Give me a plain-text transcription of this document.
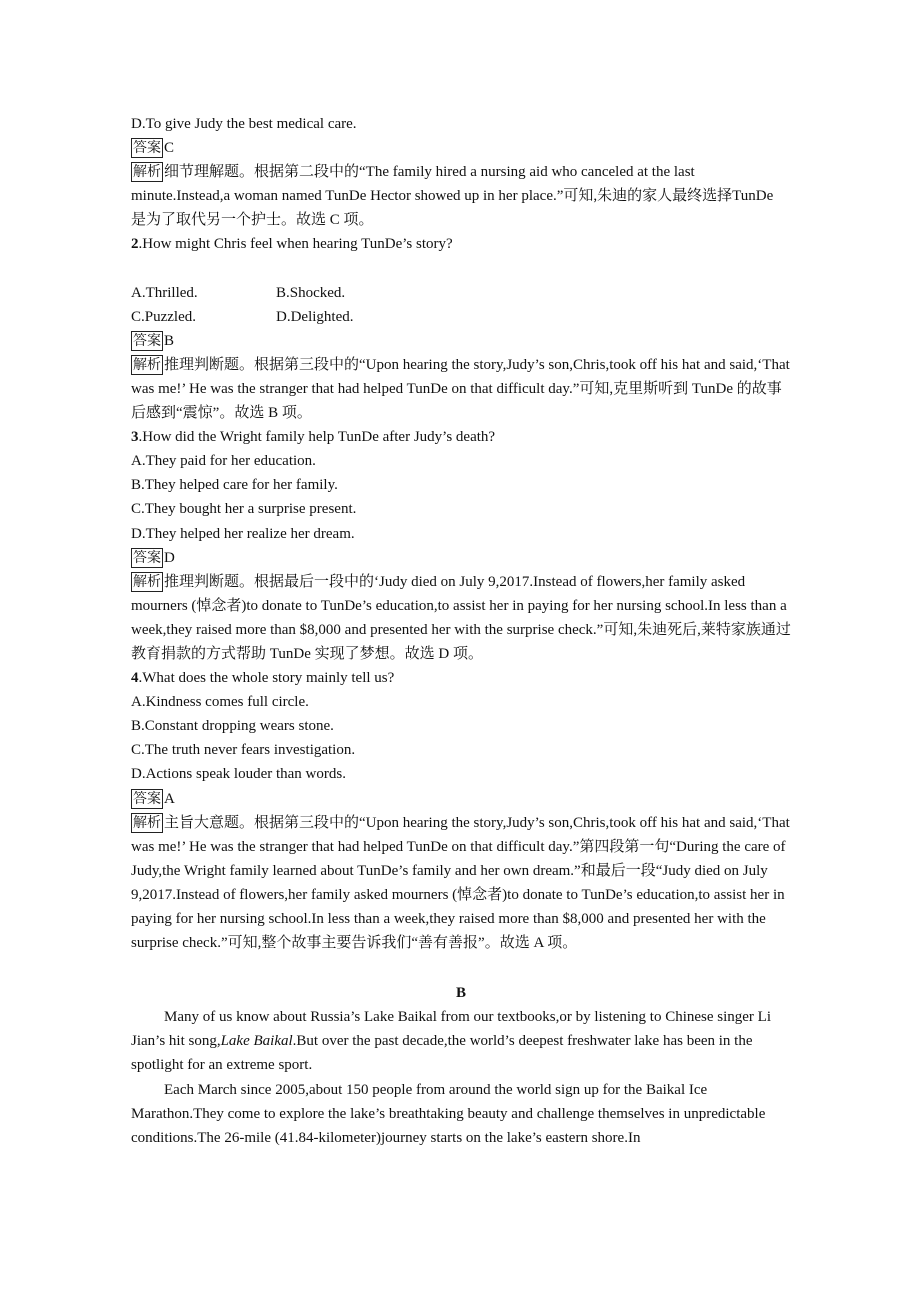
D.To give Judy the best medical care.

答案 C

解析 细节理解题。根据第二段中的“The family hired a nursing aid who canceled at the last minute.Instead,a woman named TunDe Hector showed up in her place.”可知,朱迪的家人最终选择TunDe 是为了取代另一个护士。故选 C 项。

2.How might Chris feel when hearing TunDe’s story?

A.Thrilled.	B.Shocked.
C.Puzzled.	D.Delighted.

答案 B

解析 推理判断题。根据第三段中的“Upon hearing the story,Judy’s son,Chris,took off his hat and said,‘That was me!’ He was the stranger that had helped TunDe on that difficult day.”可知,克里斯听到 TunDe 的故事后感到“震惊”。故选 B 项。

3.How did the Wright family help TunDe after Judy’s death?

A.They paid for her education.

B.They helped care for her family.

C.They bought her a surprise present.

D.They helped her realize her dream.

答案 D

解析 推理判断题。根据最后一段中的‘Judy died on July 9,2017.Instead of flowers,her family asked mourners (悼念者)to donate to TunDe’s education,to assist her in paying for her nursing school.In less than a week,they raised more than $8,000 and presented her with the surprise check.”可知,朱迪死后,莱特家族通过教育捐款的方式帮助 TunDe 实现了梦想。故选 D 项。

4.What does the whole story mainly tell us?

A.Kindness comes full circle.

B.Constant dropping wears stone.

C.The truth never fears investigation.

D.Actions speak louder than words.

答案 A

解析 主旨大意题。根据第三段中的“Upon hearing the story,Judy’s son,Chris,took off his hat and said,‘That was me!’ He was the stranger that had helped TunDe on that difficult day.”第四段第一句“During the care of Judy,the Wright family learned about TunDe’s family and her own dream.”和最后一段“Judy died on July 9,2017.Instead of flowers,her family asked mourners (悼念者)to donate to TunDe’s education,to assist her in paying for her nursing school.In less than a week,they raised more than $8,000 and presented her with the surprise check.”可知,整个故事主要告诉我们“善有善报”。故选 A 项。

B

Many of us know about Russia’s Lake Baikal from our textbooks,or by listening to Chinese singer Li Jian’s hit song,Lake Baikal.But over the past decade,the world’s deepest freshwater lake has been in the spotlight for an extreme sport.

Each March since 2005,about 150 people from around the world sign up for the Baikal Ice Marathon.They come to explore the lake’s breathtaking beauty and challenge themselves in unpredictable conditions.The 26-mile (41.84-kilometer)journey starts on the lake’s eastern shore.In
